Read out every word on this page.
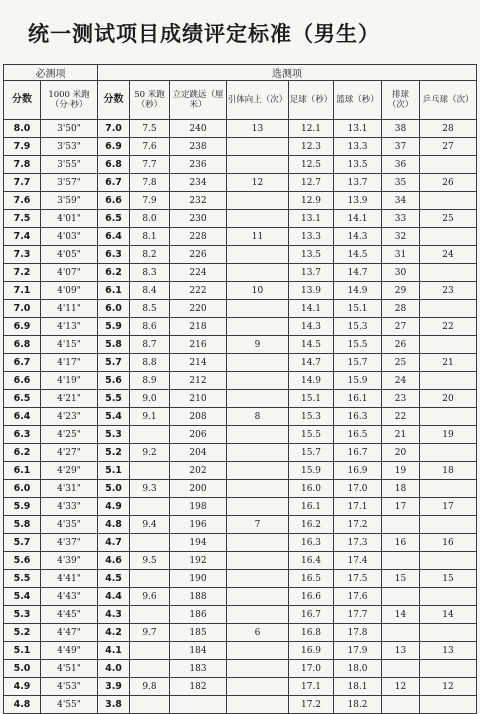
统一测试项目成绩评定标准（男生）
必测项		选测项							
分数	1000 米跑（分·秒）	分数	50 米跑（秒）	立定跳远（厘米）	引体向上（次）	足球（秒）	篮球（秒）	排球（次）	乒乓球（次）
8.0	3'50"	7.0	7.5	240	13	12.1	13.1	38	28
7.9	3'53"	6.9	7.6	238		12.3	13.3	37	27
7.8	3'55"	6.8	7.7	236		12.5	13.5	36	
7.7	3'57"	6.7	7.8	234	12	12.7	13.7	35	26
7.6	3'59"	6.6	7.9	232		12.9	13.9	34	
7.5	4'01"	6.5	8.0	230		13.1	14.1	33	25
7.4	4'03"	6.4	8.1	228	11	13.3	14.3	32	
7.3	4'05"	6.3	8.2	226		13.5	14.5	31	24
7.2	4'07"	6.2	8.3	224		13.7	14.7	30	
7.1	4'09"	6.1	8.4	222	10	13.9	14.9	29	23
7.0	4'11"	6.0	8.5	220		14.1	15.1	28	
6.9	4'13"	5.9	8.6	218		14.3	15.3	27	22
6.8	4'15"	5.8	8.7	216	9	14.5	15.5	26	
6.7	4'17"	5.7	8.8	214		14.7	15.7	25	21
6.6	4'19"	5.6	8.9	212		14.9	15.9	24	
6.5	4'21"	5.5	9.0	210		15.1	16.1	23	20
6.4	4'23"	5.4	9.1	208	8	15.3	16.3	22	
6.3	4'25"	5.3		206		15.5	16.5	21	19
6.2	4'27"	5.2	9.2	204		15.7	16.7	20	
6.1	4'29"	5.1		202		15.9	16.9	19	18
6.0	4'31"	5.0	9.3	200		16.0	17.0	18	
5.9	4'33"	4.9		198		16.1	17.1	17	17
5.8	4'35"	4.8	9.4	196	7	16.2	17.2		
5.7	4'37"	4.7		194		16.3	17.3	16	16
5.6	4'39"	4.6	9.5	192		16.4	17.4		
5.5	4'41"	4.5		190		16.5	17.5	15	15
5.4	4'43"	4.4	9.6	188		16.6	17.6		
5.3	4'45"	4.3		186		16.7	17.7	14	14
5.2	4'47"	4.2	9.7	185	6	16.8	17.8		
5.1	4'49"	4.1		184		16.9	17.9	13	13
5.0	4'51"	4.0		183		17.0	18.0		
4.9	4'53"	3.9	9.8	182		17.1	18.1	12	12
4.8	4'55"	3.8				17.2	18.2		
